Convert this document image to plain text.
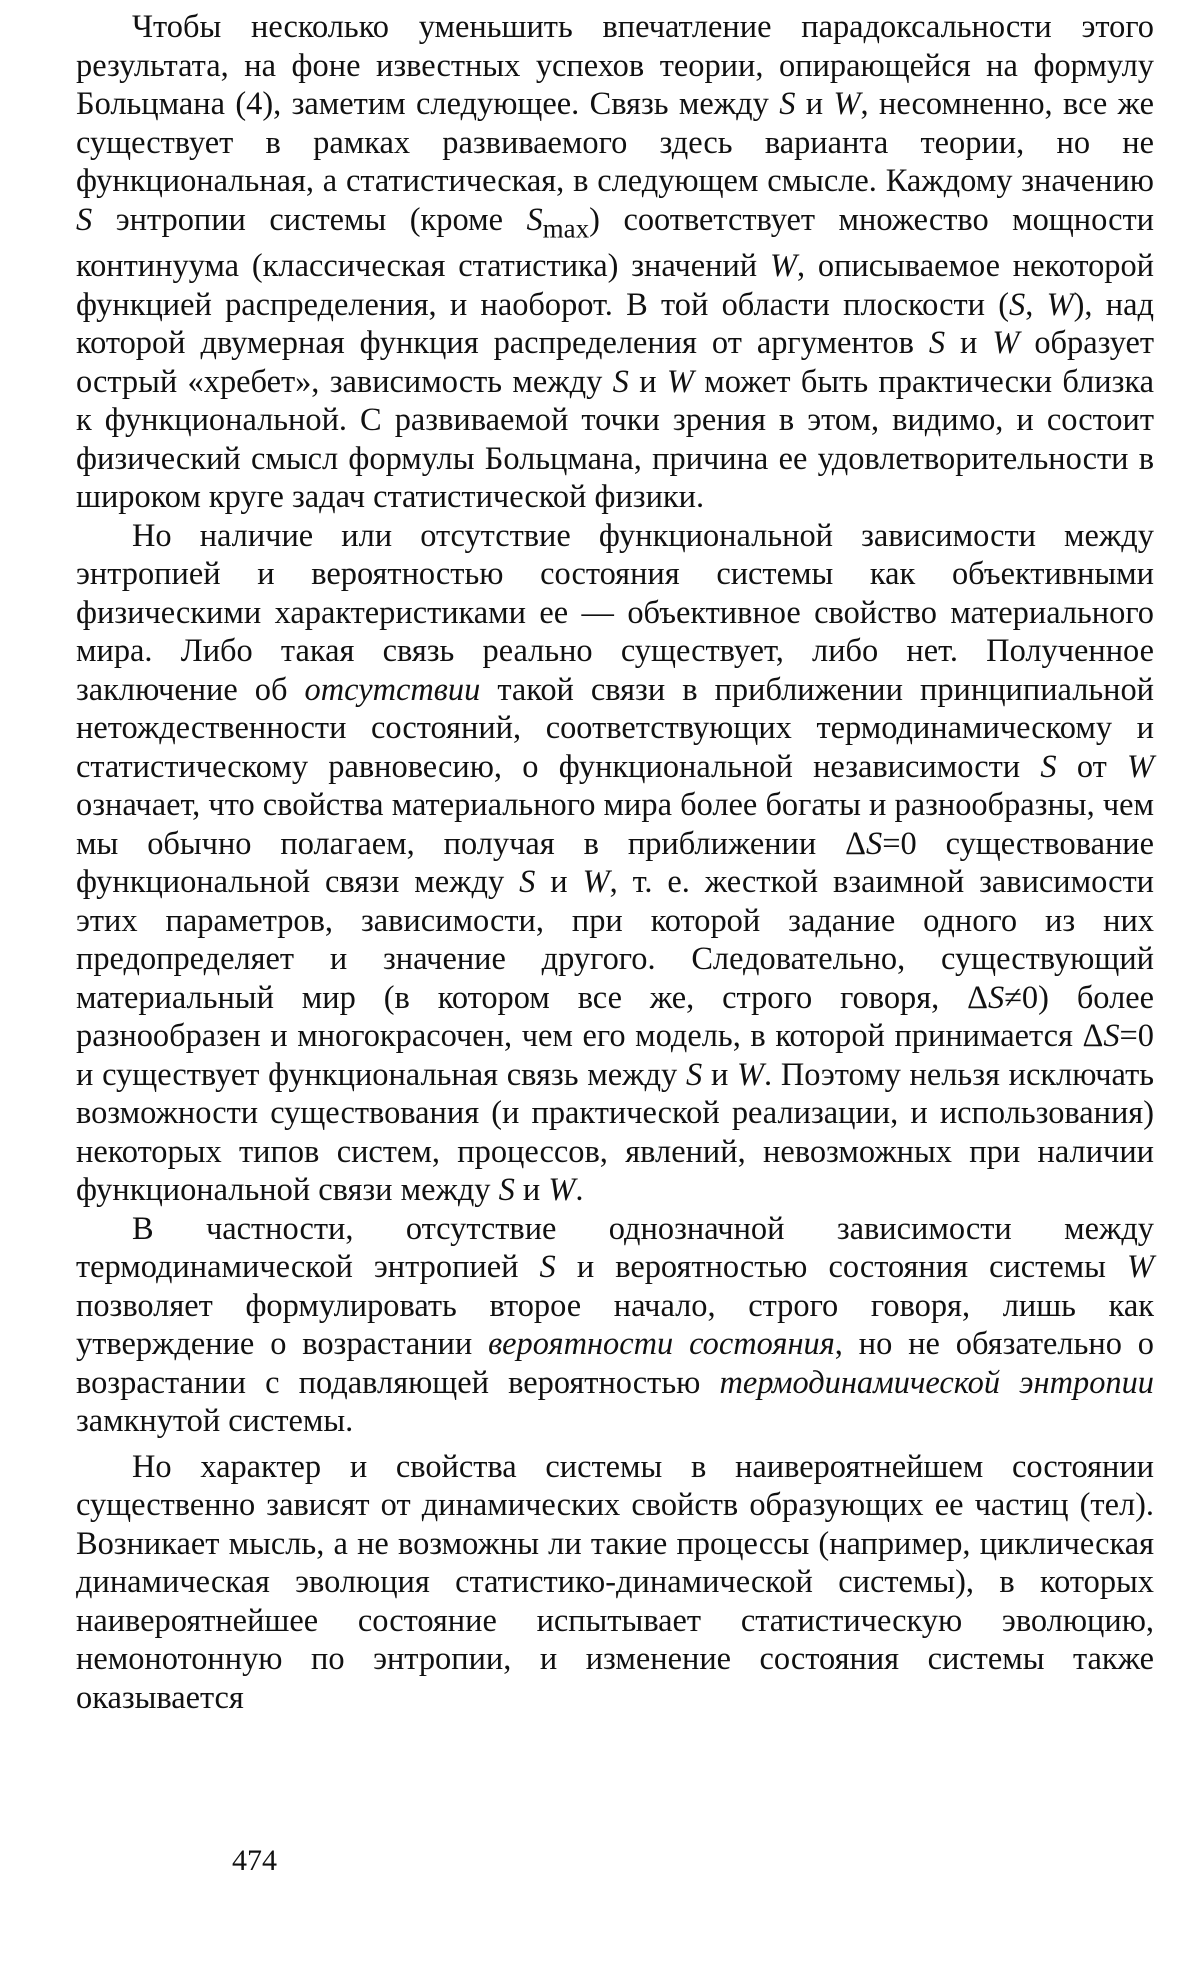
Чтобы несколько уменьшить впечатление парадоксальности этого результата, на фоне известных успехов теории, опирающейся на формулу Больцмана (4), заметим следующее. Связь между S и W, несомненно, все же существует в рамках развиваемого здесь варианта теории, но не функциональная, а статистическая, в следующем смысле. Каждому значению S энтропии системы (кроме $S_{max}$) соответствует множество мощности континуума (классическая статистика) значений W, описываемое некоторой функцией распределения, и наоборот. В той области плоскости (S, W), над которой двумерная функция распределения от аргументов S и W образует острый «хребет», зависимость между S и W может быть практически близка к функциональной. С развиваемой точки зрения в этом, видимо, и состоит физический смысл формулы Больцмана, причина ее удовлетворительности в широком круге задач статистической физики.

Но наличие или отсутствие функциональной зависимости между энтропией и вероятностью состояния системы как объективными физическими характеристиками ее — объективное свойство материального мира. Либо такая связь реально существует, либо нет. Полученное заключение об отсутствии такой связи в приближении принципиальной нетождественности состояний, соответствующих термодинамическому и статистическому равновесию, о функциональной независимости S от W означает, что свойства материального мира более богаты и разнообразны, чем мы обычно полагаем, получая в приближении ΔS=0 существование функциональной связи между S и W, т. е. жесткой взаимной зависимости этих параметров, зависимости, при которой задание одного из них предопределяет и значение другого. Следовательно, существующий материальный мир (в котором все же, строго говоря, ΔS≠0) более разнообразен и многокрасочен, чем его модель, в которой принимается ΔS=0 и существует функциональная связь между S и W. Поэтому нельзя исключать возможности существования (и практической реализации, и использования) некоторых типов систем, процессов, явлений, невозможных при наличии функциональной связи между S и W.

В частности, отсутствие однозначной зависимости между термодинамической энтропией S и вероятностью состояния системы W позволяет формулировать второе начало, строго говоря, лишь как утверждение о возрастании вероятности состояния, но не обязательно о возрастании с подавляющей вероятностью термодинамической энтропии замкнутой системы.

Но характер и свойства системы в наивероятнейшем состоянии существенно зависят от динамических свойств образующих ее частиц (тел). Возникает мысль, а не возможны ли такие процессы (например, циклическая динамическая эволюция статистико-динамической системы), в которых наивероятнейшее состояние испытывает статистическую эволюцию, немонотонную по энтропии, и изменение состояния системы также оказывается

474
